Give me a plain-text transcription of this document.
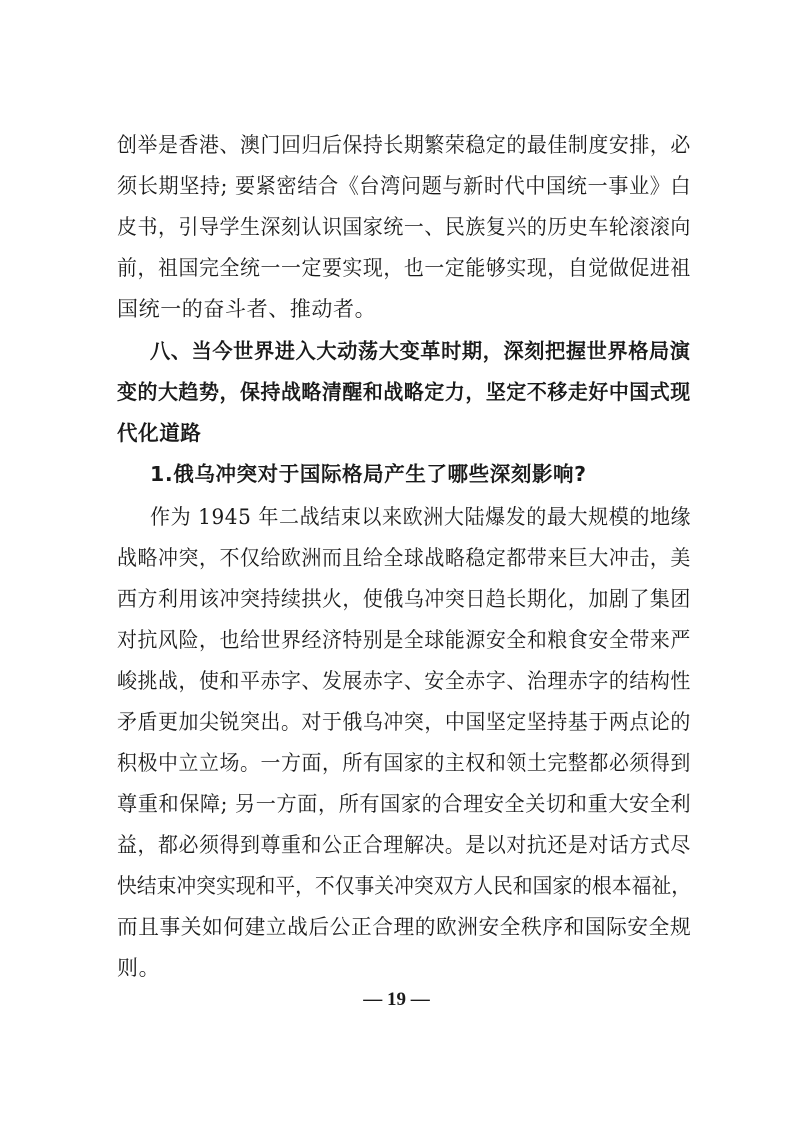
创举是香港、澳门回归后保持长期繁荣稳定的最佳制度安排，必
须长期坚持; 要紧密结合《台湾问题与新时代中国统一事业》白
皮书，引导学生深刻认识国家统一、民族复兴的历史车轮滚滚向
前，祖国完全统一一定要实现，也一定能够实现，自觉做促进祖
国统一的奋斗者、推动者。
八、当今世界进入大动荡大变革时期，深刻把握世界格局演
变的大趋势，保持战略清醒和战略定力，坚定不移走好中国式现
代化道路
1.俄乌冲突对于国际格局产生了哪些深刻影响?
作为 1945 年二战结束以来欧洲大陆爆发的最大规模的地缘
战略冲突，不仅给欧洲而且给全球战略稳定都带来巨大冲击，美
西方利用该冲突持续拱火，使俄乌冲突日趋长期化，加剧了集团
对抗风险，也给世界经济特别是全球能源安全和粮食安全带来严
峻挑战，使和平赤字、发展赤字、安全赤字、治理赤字的结构性
矛盾更加尖锐突出。对于俄乌冲突，中国坚定坚持基于两点论的
积极中立立场。一方面，所有国家的主权和领土完整都必须得到
尊重和保障; 另一方面，所有国家的合理安全关切和重大安全利
益，都必须得到尊重和公正合理解决。是以对抗还是对话方式尽
快结束冲突实现和平，不仅事关冲突双方人民和国家的根本福祉，
而且事关如何建立战后公正合理的欧洲安全秩序和国际安全规
则。
— 19 —
